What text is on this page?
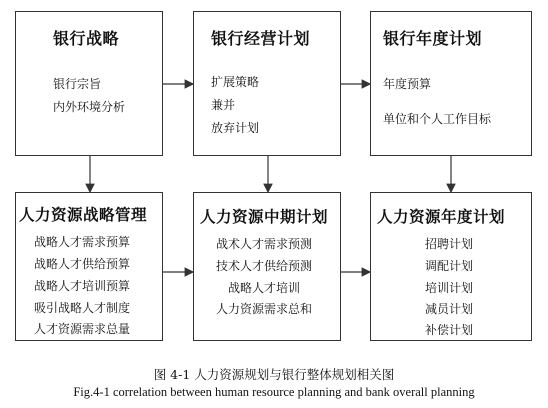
银行战略
银行宗旨
内外环境分析
银行经营计划
扩展策略
兼并
放弃计划
银行年度计划
年度预算
单位和个人工作目标
人力资源战略管理
战略人才需求预算
战略人才供给预算
战略人才培训预算
吸引战略人才制度
人才资源需求总量
人力资源中期计划
战术人才需求预测
技术人才供给预测
战略人才培训
人力资源需求总和
人力资源年度计划
招聘计划
调配计划
培训计划
减员计划
补偿计划
图 4-1 人力资源规划与银行整体规划相关图
Fig.4-1 correlation between human resource planning and bank overall planning
